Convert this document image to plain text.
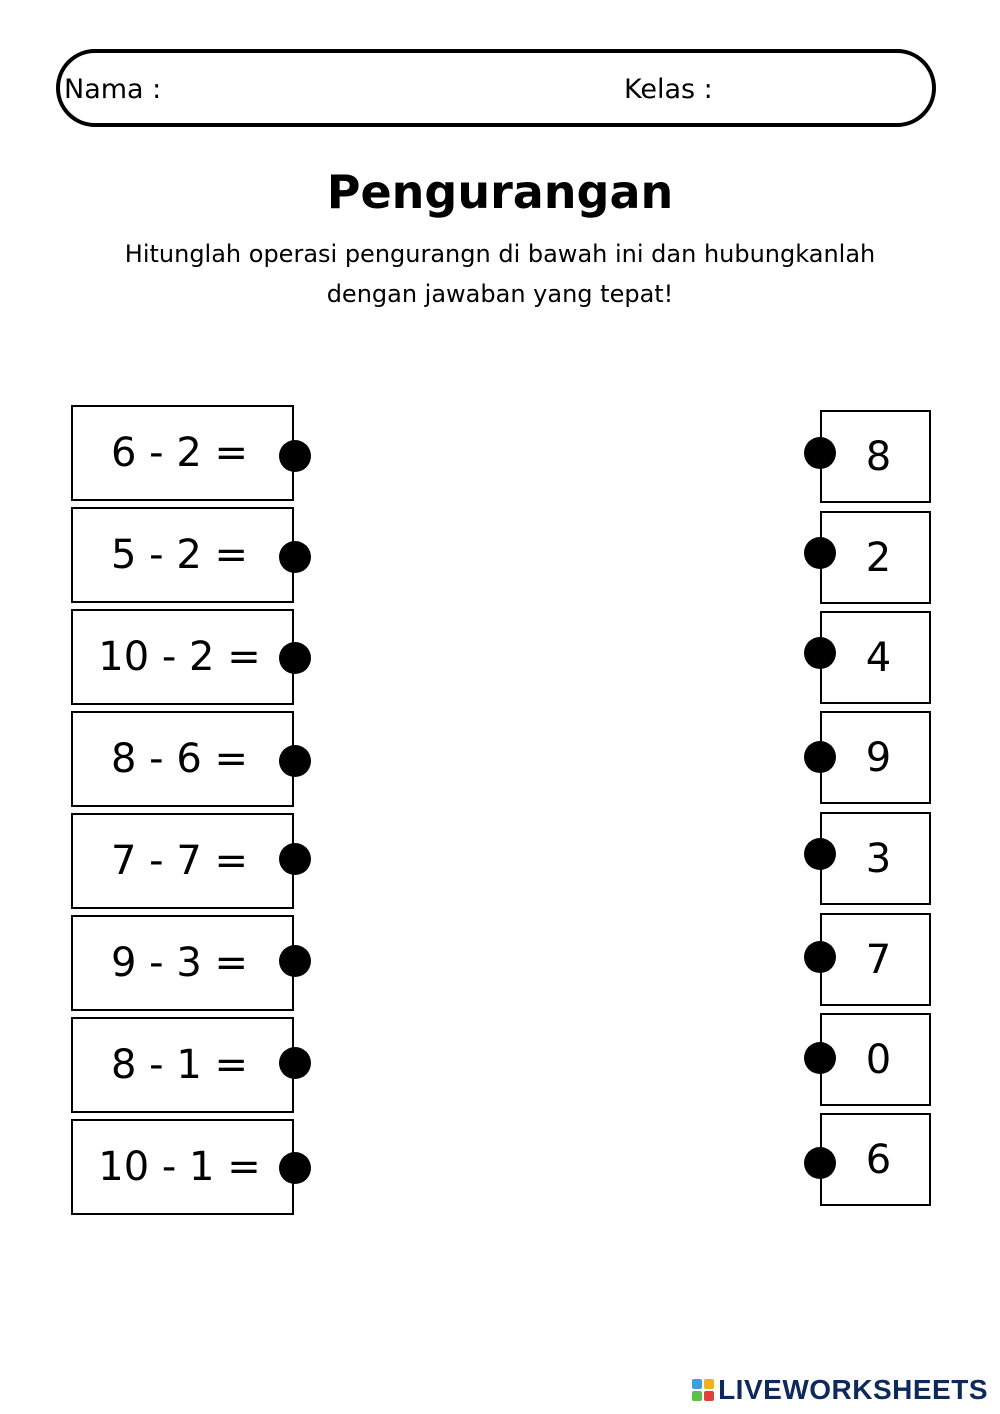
Nama :	Kelas :
Pengurangan
Hitunglah operasi pengurangn di bawah ini dan hubungkanlah
dengan jawaban yang tepat!
6 - 2 =
5 - 2 =
10 - 2 =
8 - 6 =
7 - 7 =
9 - 3 =
8 - 1 =
10 - 1 =
8
2
4
9
3
7
0
6
LIVEWORKSHEETS
